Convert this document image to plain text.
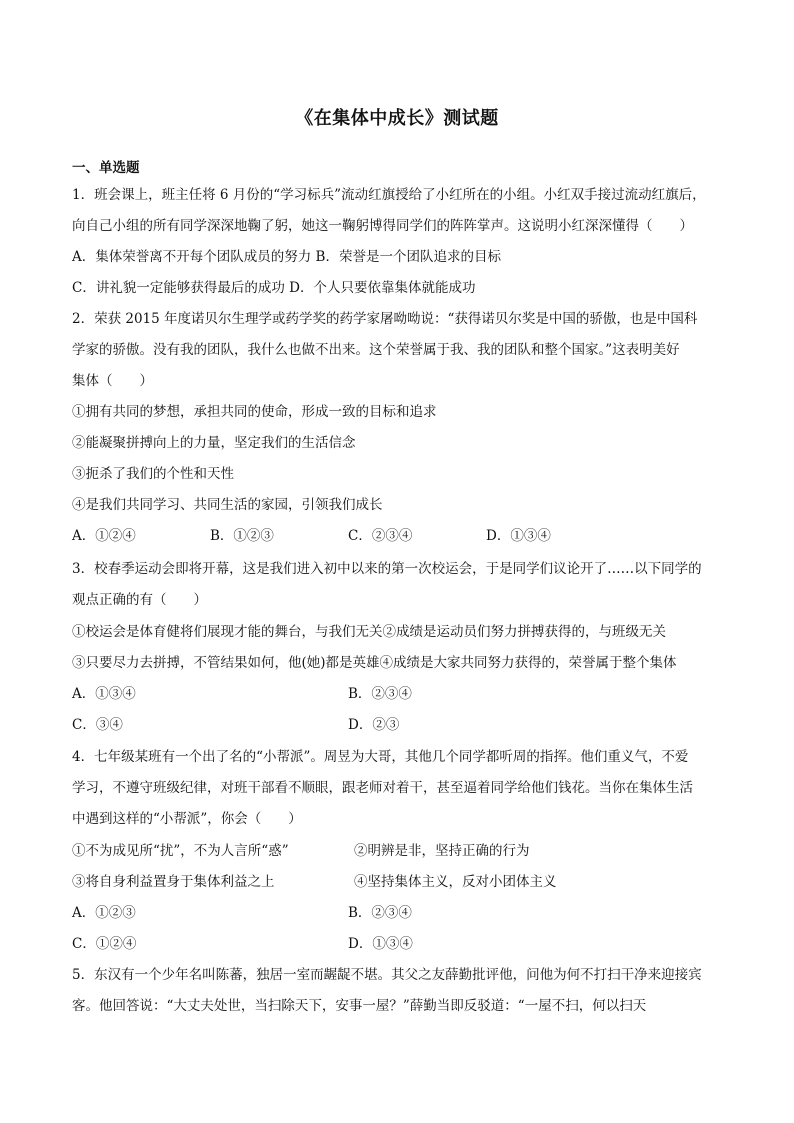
《在集体中成长》测试题
一、单选题
1．班会课上，班主任将 6 月份的“学习标兵”流动红旗授给了小红所在的小组。小红双手接过流动红旗后，
向自己小组的所有同学深深地鞠了躬，她这一鞠躬博得同学们的阵阵掌声。这说明小红深深懂得（　　）
A．集体荣誉离不开每个团队成员的努力 B．荣誉是一个团队追求的目标
C．讲礼貌一定能够获得最后的成功 D．个人只要依靠集体就能成功
2．荣获 2015 年度诺贝尔生理学或药学奖的药学家屠呦呦说：“获得诺贝尔奖是中国的骄傲，也是中国科
学家的骄傲。没有我的团队，我什么也做不出来。这个荣誉属于我、我的团队和整个国家。”这表明美好
集体（　　）
①拥有共同的梦想，承担共同的使命，形成一致的目标和追求
②能凝聚拼搏向上的力量，坚定我们的生活信念
③扼杀了我们的个性和天性
④是我们共同学习、共同生活的家园，引领我们成长
A．①②④	B．①②③	C．②③④	D．①③④
3．校春季运动会即将开幕，这是我们进入初中以来的第一次校运会，于是同学们议论开了……以下同学的
观点正确的有（　　）
①校运会是体育健将们展现才能的舞台，与我们无关②成绩是运动员们努力拼搏获得的，与班级无关
③只要尽力去拼搏，不管结果如何，他(她)都是英雄④成绩是大家共同努力获得的，荣誉属于整个集体
A．①③④	B．②③④
C．③④	D．②③
4．七年级某班有一个出了名的“小帮派”。周昱为大哥，其他几个同学都听周的指挥。他们重义气，不爱
学习，不遵守班级纪律，对班干部看不顺眼，跟老师对着干，甚至逼着同学给他们钱花。当你在集体生活
中遇到这样的“小帮派”，你会（　　）
①不为成见所“扰”，不为人言所“惑”	②明辨是非，坚持正确的行为
③将自身利益置身于集体利益之上	④坚持集体主义，反对小团体主义
A．①②③	B．②③④
C．①②④	D．①③④
5．东汉有一个少年名叫陈蕃，独居一室而龌龊不堪。其父之友薛勤批评他，问他为何不打扫干净来迎接宾
客。他回答说：“大丈夫处世，当扫除天下，安事一屋？”薛勤当即反驳道：“一屋不扫，何以扫天
